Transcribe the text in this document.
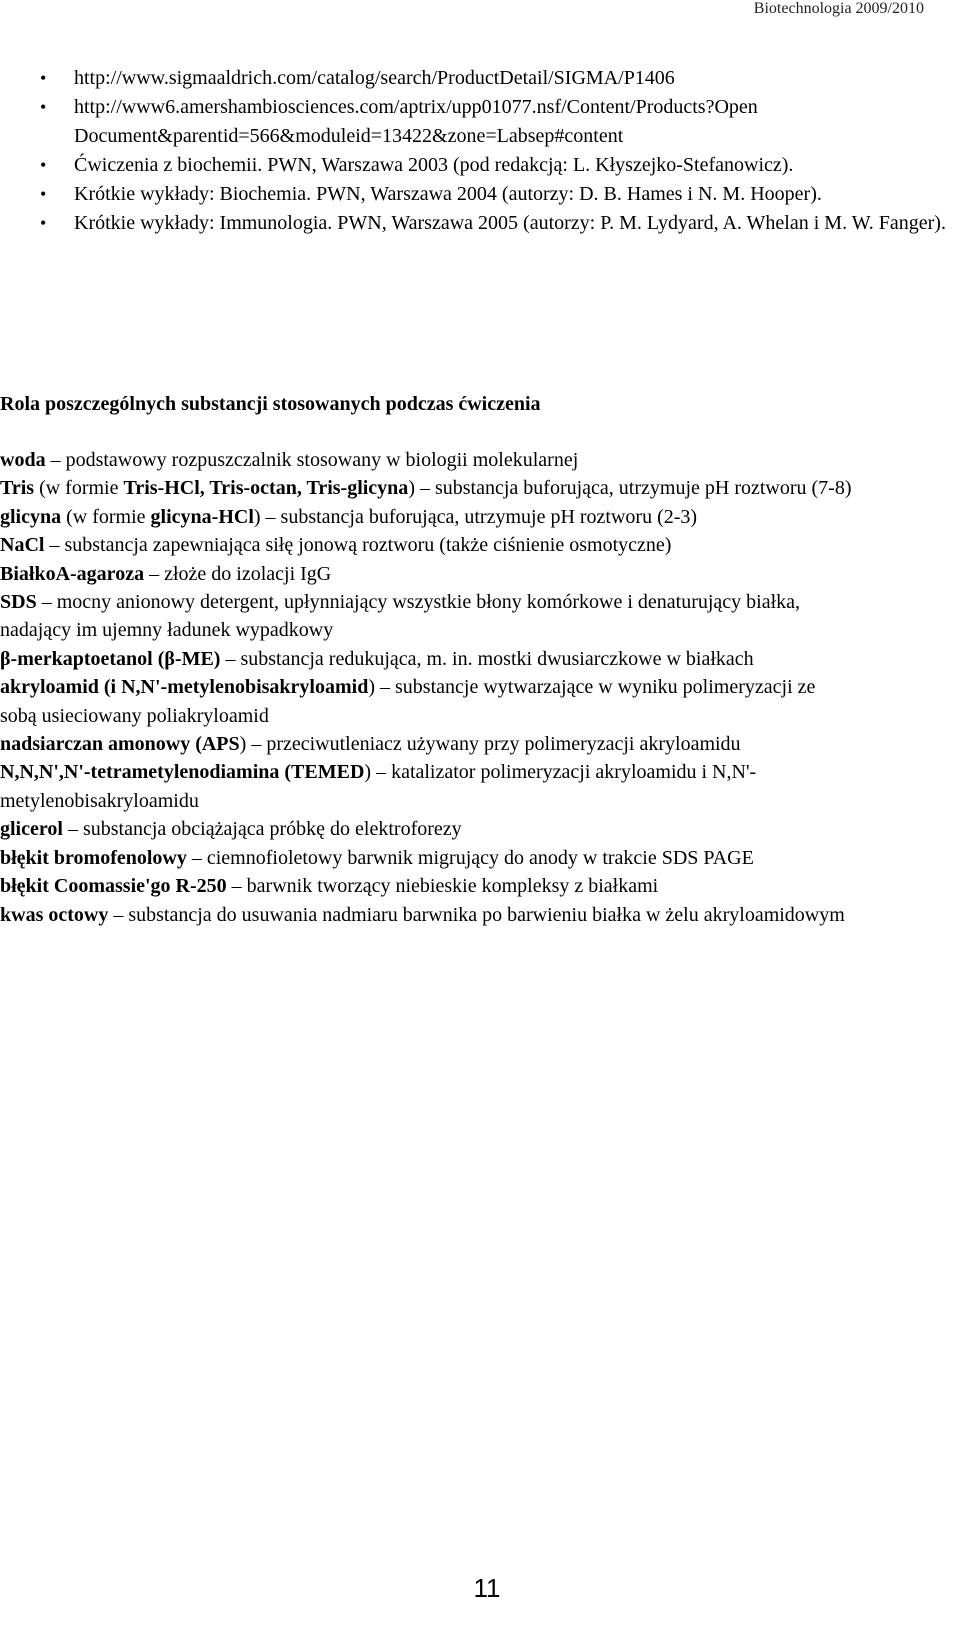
Biotechnologia 2009/2010
• http://www.sigmaaldrich.com/catalog/search/ProductDetail/SIGMA/P1406
• http://www6.amershambiosciences.com/aptrix/upp01077.nsf/Content/Products?Open Document&parentid=566&moduleid=13422&zone=Labsep#content
• Ćwiczenia z biochemii. PWN, Warszawa 2003 (pod redakcją: L. Kłyszejko-Stefanowicz).
• Krótkie wykłady: Biochemia. PWN, Warszawa 2004 (autorzy: D. B. Hames i N. M. Hooper).
• Krótkie wykłady: Immunologia. PWN, Warszawa 2005 (autorzy: P. M. Lydyard, A. Whelan i M. W. Fanger).
Rola poszczególnych substancji stosowanych podczas ćwiczenia

woda – podstawowy rozpuszczalnik stosowany w biologii molekularnej

Tris (w formie Tris-HCl, Tris-octan, Tris-glicyna) – substancja buforująca, utrzymuje pH roztworu (7-8)

glicyna (w formie glicyna-HCl) – substancja buforująca, utrzymuje pH roztworu (2-3)

NaCl – substancja zapewniająca siłę jonową roztworu (także ciśnienie osmotyczne)

BiałkoA-agaroza – złoże do izolacji IgG

SDS – mocny anionowy detergent, upłynniający wszystkie błony komórkowe i denaturujący białka, nadający im ujemny ładunek wypadkowy

β-merkaptoetanol (β-ME) – substancja redukująca, m. in. mostki dwusiarczkowe w białkach

akryloamid (i N,N'-metylenobisakryloamid) – substancje wytwarzające w wyniku polimeryzacji ze sobą usieciowany poliakryloamid

nadsiarczan amonowy (APS) – przeciwutleniacz używany przy polimeryzacji akryloamidu

N,N,N',N'-tetrametylenodiamina (TEMED) – katalizator polimeryzacji akryloamidu i N,N'-metylenobisakryloamidu

glicerol – substancja obciążająca próbkę do elektroforezy

błękit bromofenolowy – ciemnofioletowy barwnik migrujący do anody w trakcie SDS PAGE

błękit Coomassie'go R-250 – barwnik tworzący niebieskie kompleksy z białkami

kwas octowy – substancja do usuwania nadmiaru barwnika po barwieniu białka w żelu akryloamidowym

11
